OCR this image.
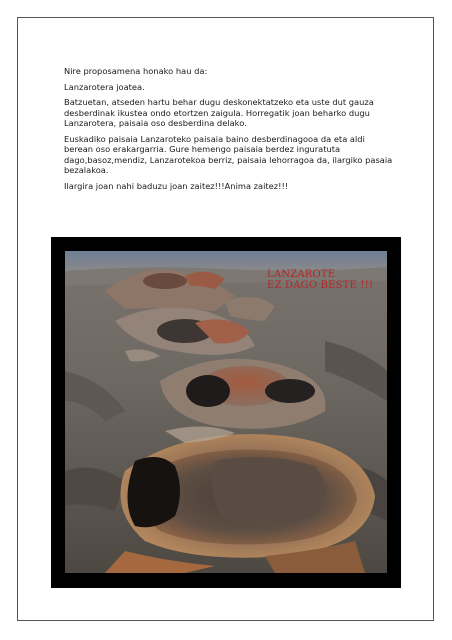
Nire proposamena honako hau da:

Lanzarotera joatea.

Batzuetan, atseden hartu behar dugu deskonektatzeko eta uste dut gauza desberdinak ikustea ondo etortzen zaigula. Horregatik joan beharko dugu Lanzarotera, paisaia oso desberdina delako.

Euskadiko paisaia Lanzaroteko paisaia baino desberdinagooa da eta aldi berean oso erakargarria. Gure hemengo paisaia berdez inguratuta dago,basoz,mendiz, Lanzarotekoa berriz, paisaia lehorragoa da, ilargiko pasaia bezalakoa.

Ilargira joan nahi baduzu joan zaitez!!!Anima zaitez!!!

LANZAROTE
EZ DAGO BESTE !!!
